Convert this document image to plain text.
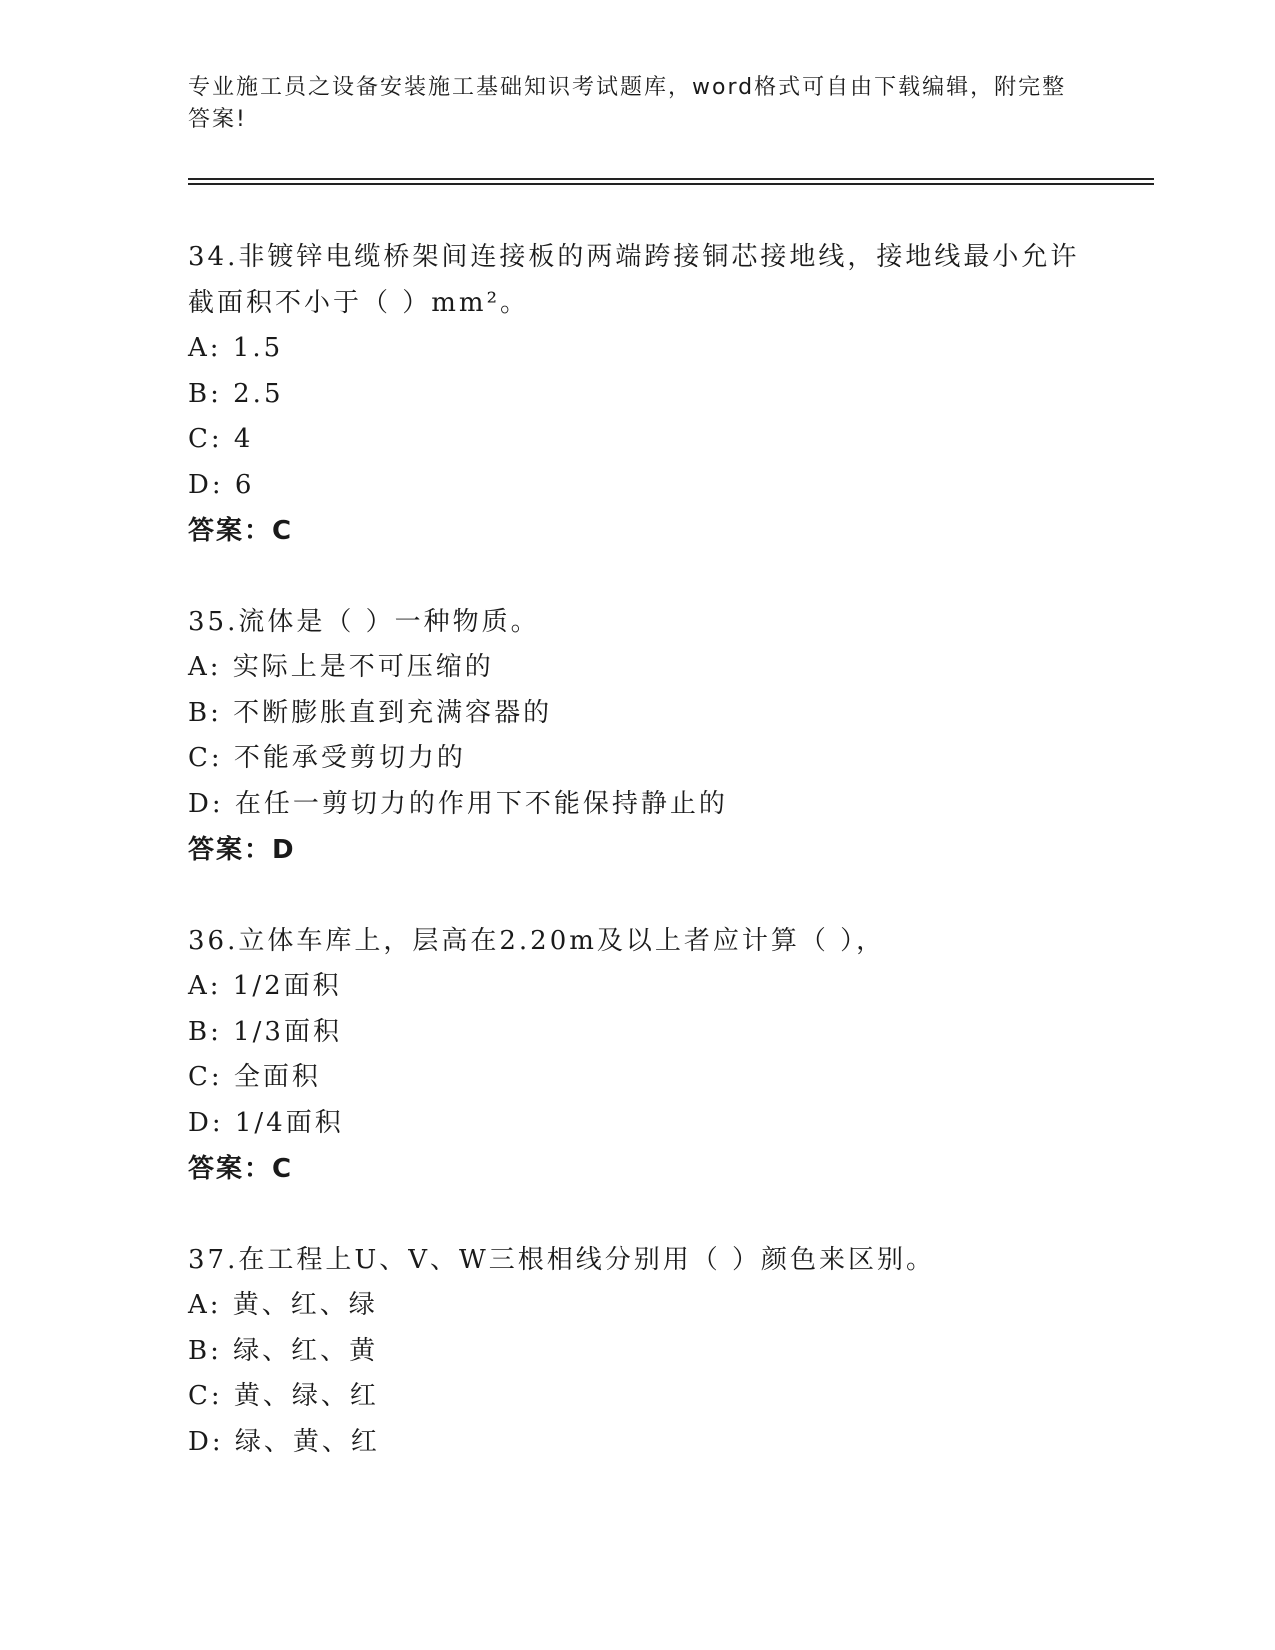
专业施工员之设备安装施工基础知识考试题库，word格式可自由下载编辑，附完整答案!
34.非镀锌电缆桥架间连接板的两端跨接铜芯接地线，接地线最小允许截面积不小于（ ）mm²。
A: 1.5
B: 2.5
C: 4
D: 6
答案：C
35.流体是（ ）一种物质。
A: 实际上是不可压缩的
B: 不断膨胀直到充满容器的
C: 不能承受剪切力的
D: 在任一剪切力的作用下不能保持静止的
答案：D
36.立体车库上，层高在2.20m及以上者应计算（ ），
A: 1/2面积
B: 1/3面积
C: 全面积
D: 1/4面积
答案：C
37.在工程上U、V、W三根相线分别用（ ）颜色来区别。
A: 黄、红、绿
B: 绿、红、黄
C: 黄、绿、红
D: 绿、黄、红
